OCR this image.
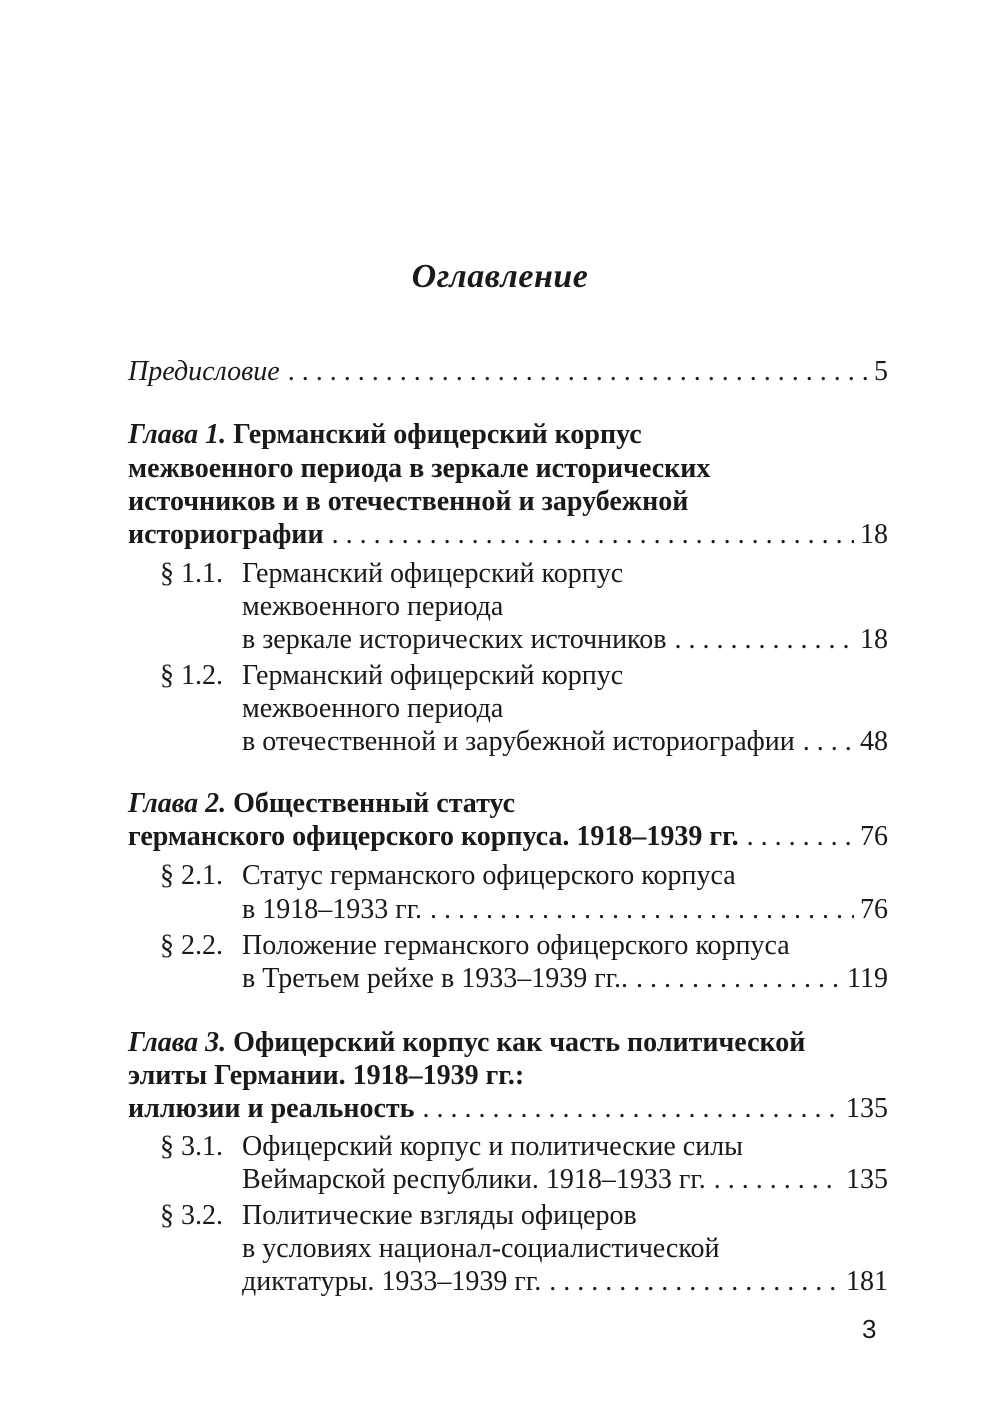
Оглавление
Предисловие . . .	5
Глава 1. Германский офицерский корпус
межвоенного периода в зеркале исторических
источников и в отечественной и зарубежной
историографии . . .	18
§ 1.1. Германский офицерский корпус
межвоенного периода
в зеркале исторических источников . . .	18
§ 1.2. Германский офицерский корпус
межвоенного периода
в отечественной и зарубежной историографии . . . 48
Глава 2. Общественный статус
германского офицерского корпуса. 1918–1939 гг. . . .	76
§ 2.1. Статус германского офицерского корпуса
в 1918–1933 гг. . . .	76
§ 2.2. Положение германского офицерского корпуса
в Третьем рейхе в 1933–1939 гг.. . . .	119
Глава 3. Офицерский корпус как часть политической
элиты Германии. 1918–1939 гг.:
иллюзии и реальность . . .	135
§ 3.1. Офицерский корпус и политические силы
Веймарской республики. 1918–1933 гг. . . .	135
§ 3.2. Политические взгляды офицеров
в условиях национал-социалистической
диктатуры. 1933–1939 гг. . . .	181
3
